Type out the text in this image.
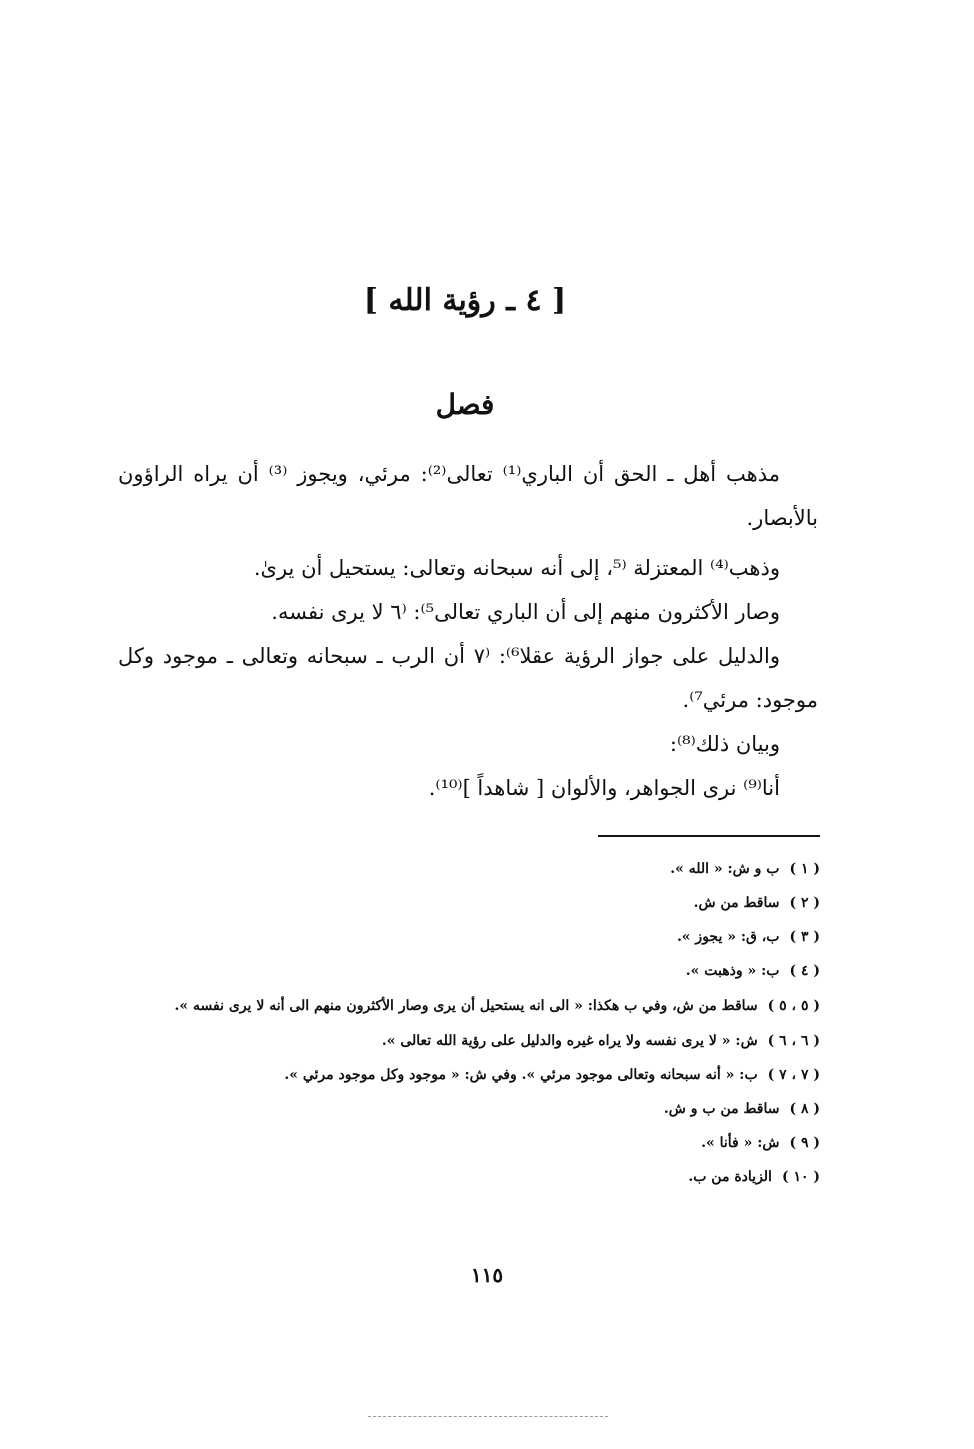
[ ٤ ـ رؤية الله ]
فصل

مذهب أهل ـ الحق أن الباري⁽¹⁾ تعالى⁽²⁾: مرئي، ويجوز ⁽³⁾ أن يراه الراؤون بالأبصار.

وذهب⁽⁴⁾ المعتزلة ⁽⁵، إلى أنه سبحانه وتعالى: يستحيل أن يرىٰ.

وصار الأكثرون منهم إلى أن الباري تعالى⁵⁾: ⁽٦ لا يرى نفسه.

والدليل على جواز الرؤية عقلا⁶⁾: ⁽٧ أن الرب ـ سبحانه وتعالى ـ موجود وكل موجود: مرئي⁷⁾.

وبيان ذلك⁽⁸⁾:

أنا⁽⁹⁾ نرى الجواهر، والألوان [ شاهداً ]⁽¹⁰⁾.

( ١ )
ب و ش: « الله ».
( ٢ )
ساقط من ش.
( ٣ )
ب، ق: « يجوز ».
( ٤ )
ب: « وذهبت ».
( ٥ ، ٥ )
ساقط من ش، وفي ب هكذا: « الى انه يستحيل أن يرى وصار الأكثرون منهم الى أنه لا يرى نفسه ».
( ٦ ، ٦ )
ش: « لا يرى نفسه ولا يراه غيره والدليل على رؤية الله تعالى ».
( ٧ ، ٧ )
ب: « أنه سبحانه وتعالى موجود مرئي ». وفي ش: « موجود وكل موجود مرئي ».
( ٨ )
ساقط من ب و ش.
( ٩ )
ش: « فأنا ».
( ١٠ )
الزيادة من ب.
١١٥
